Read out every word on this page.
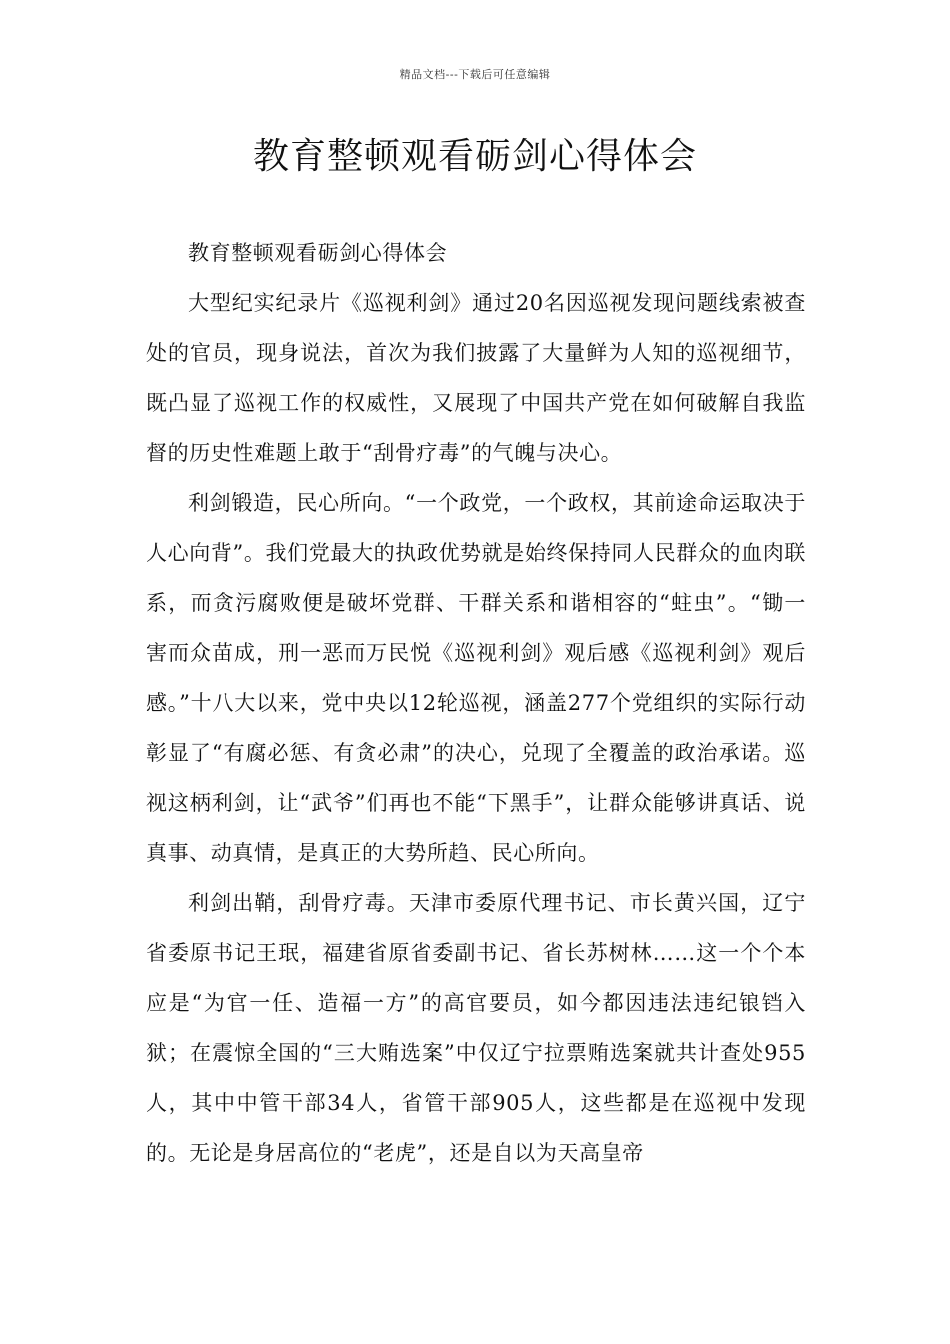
精品文档---下载后可任意编辑
教育整顿观看砺剑心得体会

教育整顿观看砺剑心得体会

大型纪实纪录片《巡视利剑》通过20名因巡视发现问题线索被查处的官员，现身说法，首次为我们披露了大量鲜为人知的巡视细节，既凸显了巡视工作的权威性，又展现了中国共产党在如何破解自我监督的历史性难题上敢于“刮骨疗毒”的气魄与决心。

利剑锻造，民心所向。“一个政党，一个政权，其前途命运取决于人心向背”。我们党最大的执政优势就是始终保持同人民群众的血肉联系，而贪污腐败便是破坏党群、干群关系和谐相容的“蛀虫”。“锄一害而众苗成，刑一恶而万民悦《巡视利剑》观后感《巡视利剑》观后感。”十八大以来，党中央以12轮巡视，涵盖277个党组织的实际行动彰显了“有腐必惩、有贪必肃”的决心，兑现了全覆盖的政治承诺。巡视这柄利剑，让“武爷”们再也不能“下黑手”，让群众能够讲真话、说真事、动真情，是真正的大势所趋、民心所向。

利剑出鞘，刮骨疗毒。天津市委原代理书记、市长黄兴国，辽宁省委原书记王珉，福建省原省委副书记、省长苏树林……这一个个本应是“为官一任、造福一方”的高官要员，如今都因违法违纪锒铛入狱；在震惊全国的“三大贿选案”中仅辽宁拉票贿选案就共计查处955人，其中中管干部34人，省管干部905人，这些都是在巡视中发现的。无论是身居高位的“老虎”，还是自以为天高皇帝
